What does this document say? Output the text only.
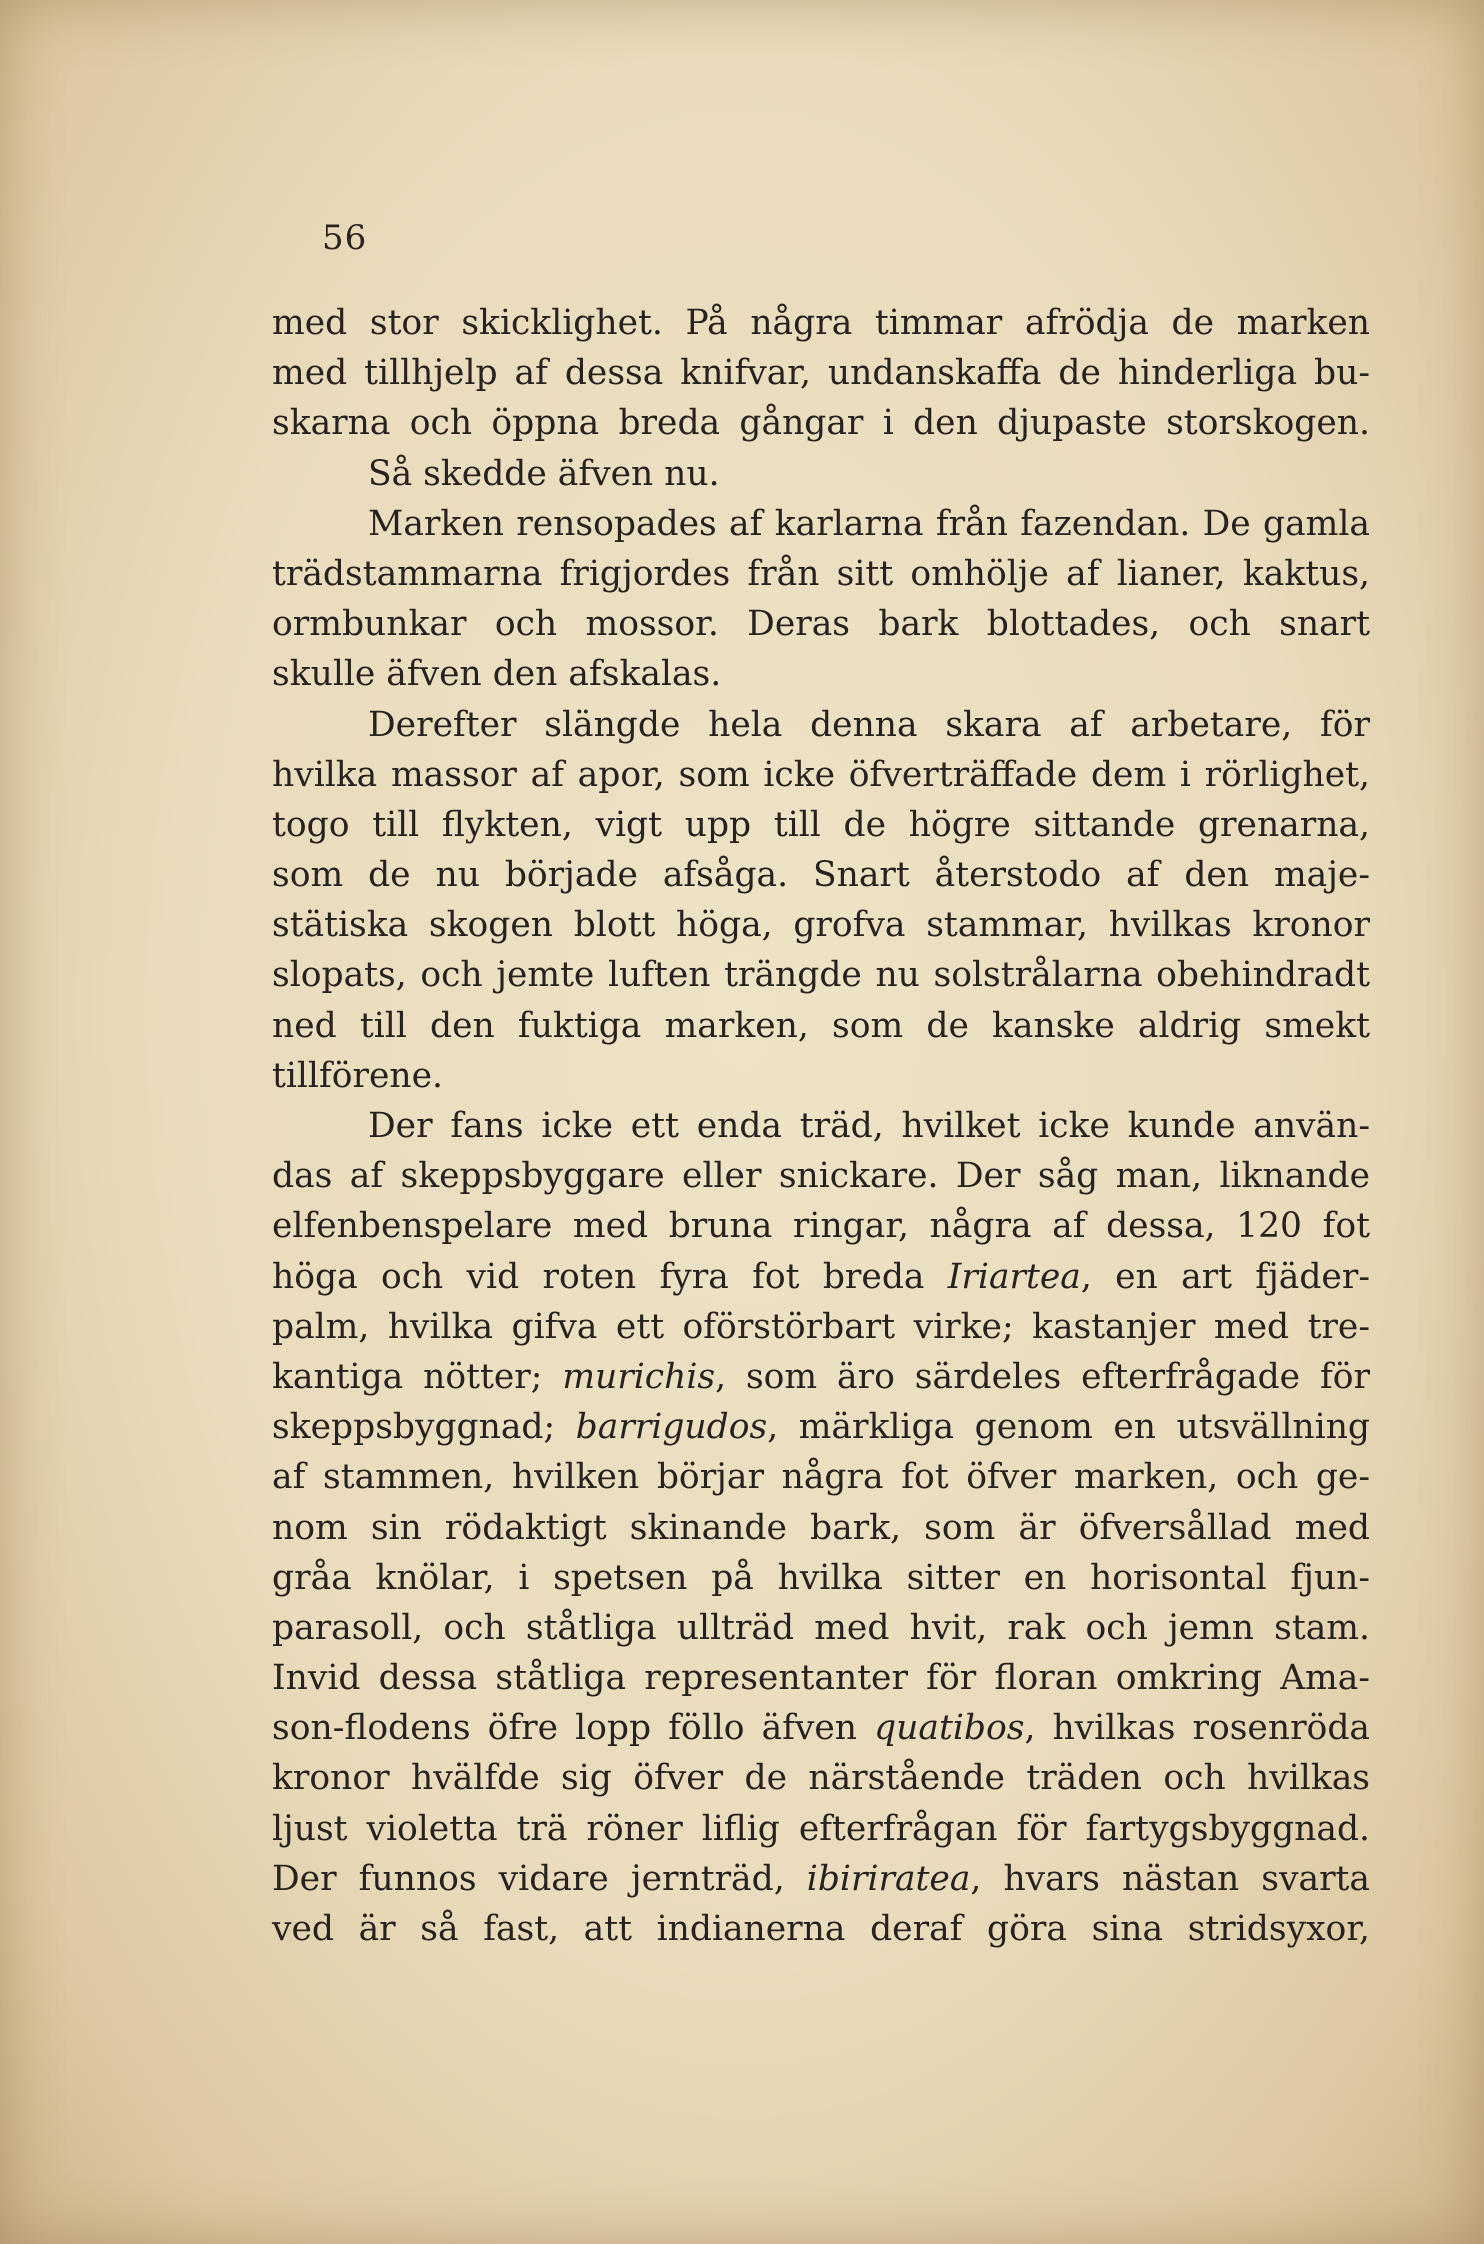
56
med stor skicklighet. På några timmar afrödja de marken
med tillhjelp af dessa knifvar, undanskaffa de hinderliga bu-
skarna och öppna breda gångar i den djupaste storskogen.
Så skedde äfven nu.
Marken rensopades af karlarna från fazendan. De gamla
trädstammarna frigjordes från sitt omhölje af lianer, kaktus,
ormbunkar och mossor. Deras bark blottades, och snart
skulle äfven den afskalas.
Derefter slängde hela denna skara af arbetare, för
hvilka massor af apor, som icke öfverträffade dem i rörlighet,
togo till flykten, vigt upp till de högre sittande grenarna,
som de nu började afsåga. Snart återstodo af den maje-
stätiska skogen blott höga, grofva stammar, hvilkas kronor
slopats, och jemte luften trängde nu solstrålarna obehindradt
ned till den fuktiga marken, som de kanske aldrig smekt
tillförene.
Der fans icke ett enda träd, hvilket icke kunde använ-
das af skeppsbyggare eller snickare. Der såg man, liknande
elfenbenspelare med bruna ringar, några af dessa, 120 fot
höga och vid roten fyra fot breda Iriartea, en art fjäder-
palm, hvilka gifva ett oförstörbart virke; kastanjer med tre-
kantiga nötter; murichis, som äro särdeles efterfrågade för
skeppsbyggnad; barrigudos, märkliga genom en utsvällning
af stammen, hvilken börjar några fot öfver marken, och ge-
nom sin rödaktigt skinande bark, som är öfversållad med
gråa knölar, i spetsen på hvilka sitter en horisontal fjun-
parasoll, och ståtliga ullträd med hvit, rak och jemn stam.
Invid dessa ståtliga representanter för floran omkring Ama-
son-flodens öfre lopp föllo äfven quatibos, hvilkas rosenröda
kronor hvälfde sig öfver de närstående träden och hvilkas
ljust violetta trä röner liflig efterfrågan för fartygsbyggnad.
Der funnos vidare jernträd, ibiriratea, hvars nästan svarta
ved är så fast, att indianerna deraf göra sina stridsyxor,
